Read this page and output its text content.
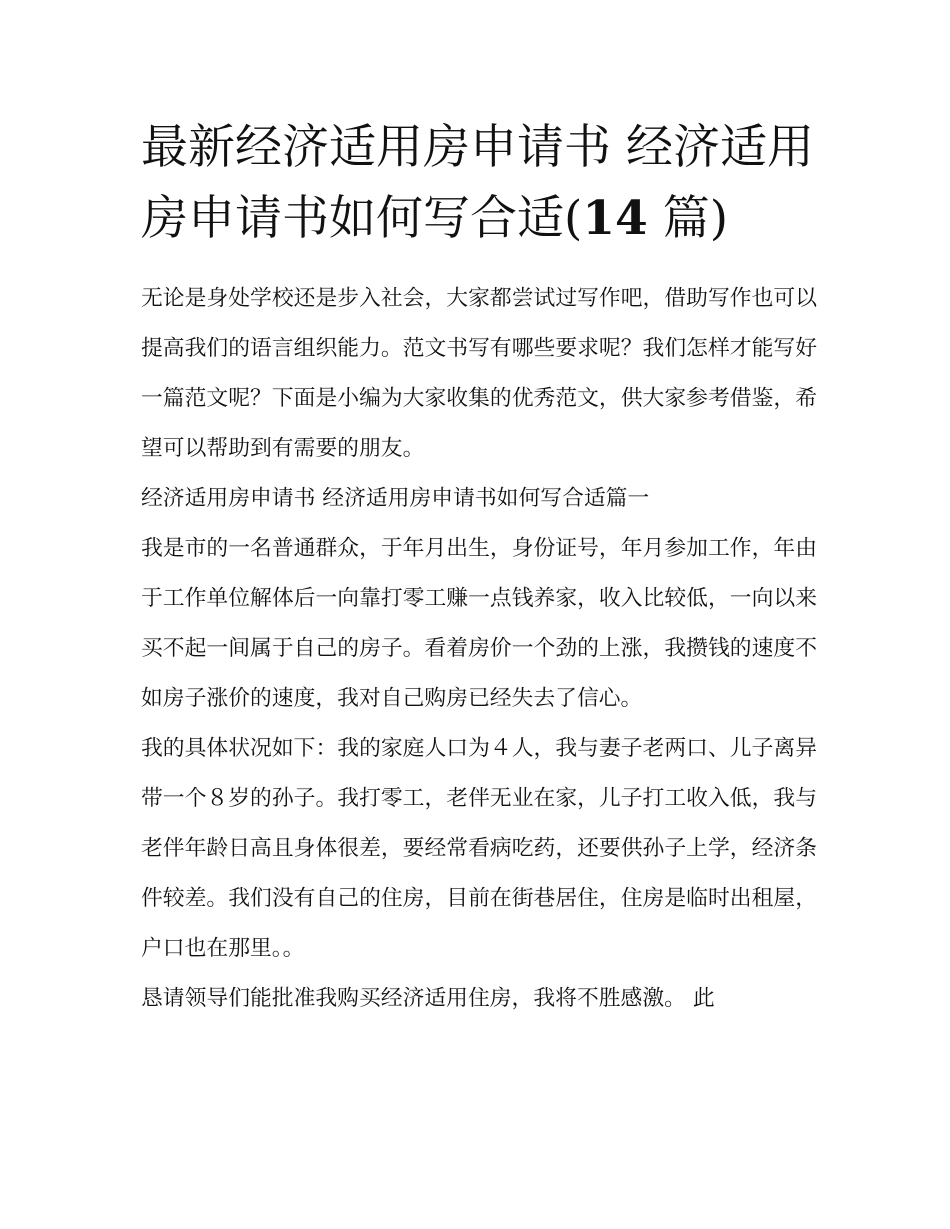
最新经济适用房申请书 经济适用房申请书如何写合适(14 篇)

无论是身处学校还是步入社会，大家都尝试过写作吧，借助写作也可以提高我们的语言组织能力。范文书写有哪些要求呢？我们怎样才能写好一篇范文呢？下面是小编为大家收集的优秀范文，供大家参考借鉴，希望可以帮助到有需要的朋友。

经济适用房申请书 经济适用房申请书如何写合适篇一

我是市的一名普通群众，于年月出生，身份证号，年月参加工作，年由于工作单位解体后一向靠打零工赚一点钱养家，收入比较低，一向以来买不起一间属于自己的房子。看着房价一个劲的上涨，我攒钱的速度不如房子涨价的速度，我对自己购房已经失去了信心。

我的具体状况如下：我的家庭人口为４人，我与妻子老两口、儿子离异带一个８岁的孙子。我打零工，老伴无业在家，儿子打工收入低，我与老伴年龄日高且身体很差，要经常看病吃药，还要供孙子上学，经济条件较差。我们没有自己的住房，目前在街巷居住，住房是临时出租屋，户口也在那里。。

恳请领导们能批准我购买经济适用住房，我将不胜感激。 此
